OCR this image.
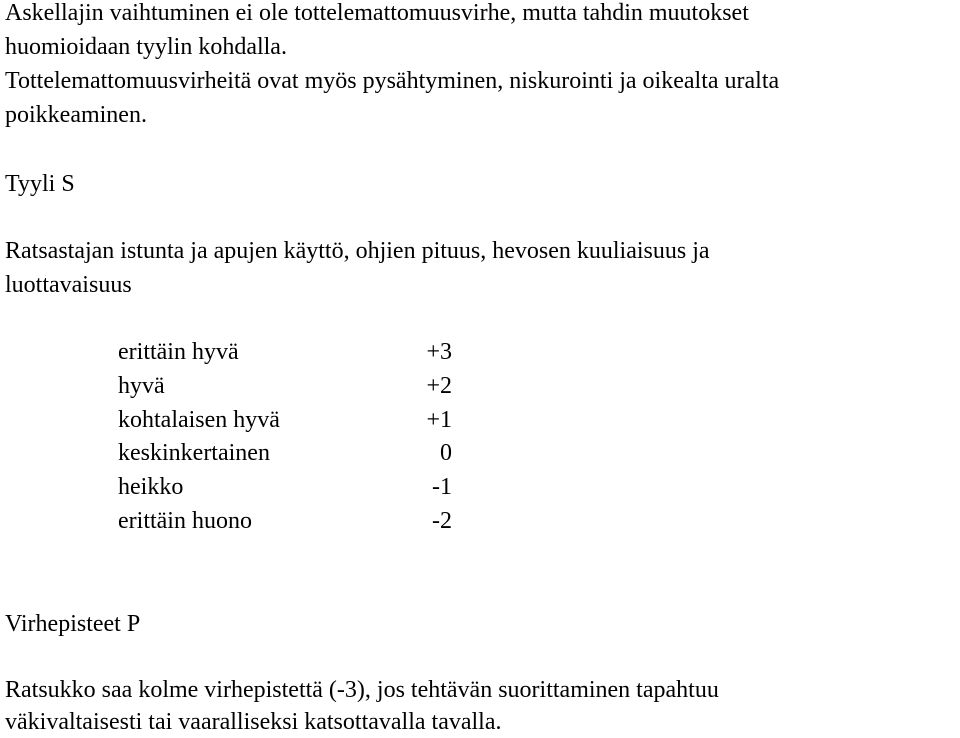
Askellajin vaihtuminen ei ole tottelemattomuusvirhe, mutta tahdin muutokset
huomioidaan tyylin kohdalla.
Tottelemattomuusvirheitä ovat myös pysähtyminen, niskurointi ja oikealta uralta
poikkeaminen.
Tyyli S
Ratsastajan istunta ja apujen käyttö, ohjien pituus, hevosen kuuliaisuus ja
luottavaisuus
erittäin hyvä	+3
hyvä	+2
kohtalaisen hyvä	+1
keskinkertainen	0
heikko	-1
erittäin huono	-2
Virhepisteet P
Ratsukko saa kolme virhepistettä (-3), jos tehtävän suorittaminen tapahtuu
väkivaltaisesti tai vaaralliseksi katsottavalla tavalla.
